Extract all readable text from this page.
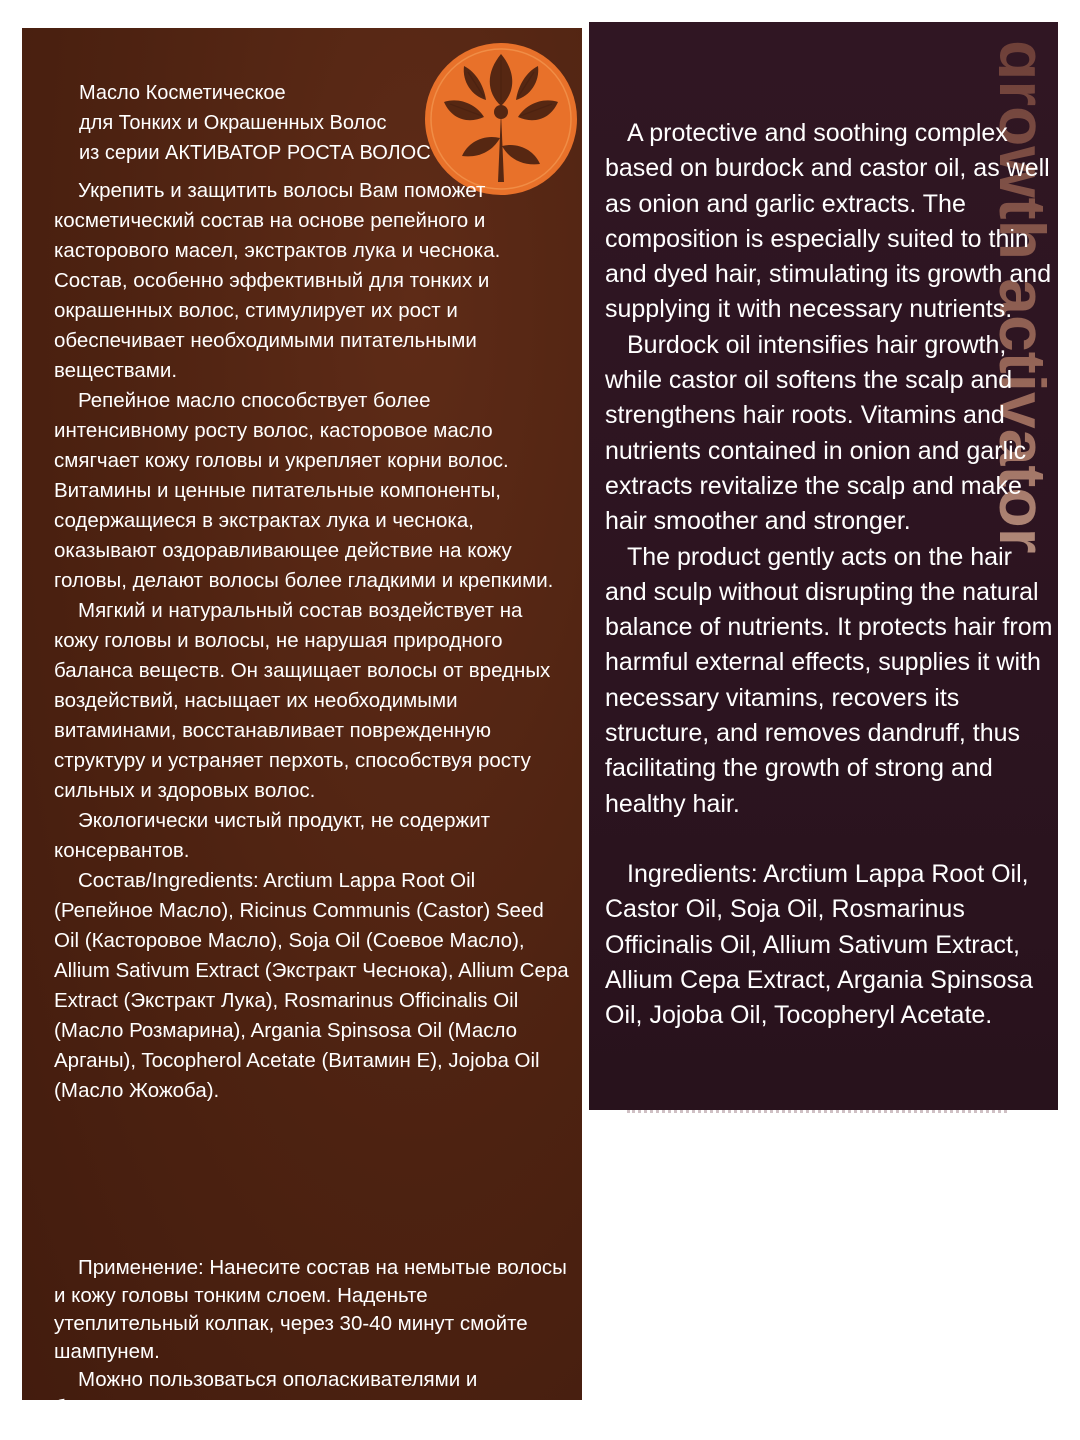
Масло Косметическое
для Тонких и Окрашенных Волос
из серии АКТИВАТОР РОСТА ВОЛОС

Укрепить и защитить волосы Вам поможет косметический состав на основе репейного и касторового масел, экстрактов лука и чеснока. Состав, особенно эффективный для тонких и окрашенных волос, стимулирует их рост и обеспечивает необходимыми питательными веществами.

Репейное масло способствует более интенсивному росту волос, касторовое масло смягчает кожу головы и укрепляет корни волос. Витамины и ценные питательные компоненты, содержащиеся в экстрактах лука и чеснока, оказывают оздоравливающее действие на кожу головы, делают волосы более гладкими и крепкими.

Мягкий и натуральный состав воздействует на кожу головы и волосы, не нарушая природного баланса веществ. Он защищает волосы от вредных воздействий, насыщает их необходимыми витаминами, восстанавливает поврежденную структуру и устраняет перхоть, способствуя росту сильных и здоровых волос.

Экологически чистый продукт, не содержит консервантов.

Состав/Ingredients: Arctium Lappa Root Oil (Репейное Масло), Ricinus Communis (Castor) Seed Oil (Касторовое Масло), Soja Oil (Соевое Масло), Allium Sativum Extract (Экстракт Чеснока), Allium Cepa Extract (Экстракт Лука), Rosmarinus Officinalis Oil (Масло Розмарина), Argania Spinsosa Oil (Масло Арганы), Tocopherol Acetate (Витамин Е), Jojoba Oil (Масло Жожоба).

Применение: Нанесите состав на немытые волосы и кожу головы тонким слоем. Наденьте утеплительный колпак, через 30-40 минут смойте шампунем.

Можно пользоваться ополаскивателями и бальзамами.

growth activator

A protective and soothing complex based on burdock and castor oil, as well as onion and garlic extracts. The composition is especially suited to thin and dyed hair, stimulating its growth and supplying it with necessary nutrients.

Burdock oil intensifies hair growth, while castor oil softens the scalp and strengthens hair roots. Vitamins and nutrients contained in onion and garlic extracts revitalize the scalp and make hair smoother and stronger.

The product gently acts on the hair and sculp without disrupting the natural balance of nutrients. It protects hair from harmful external effects, supplies it with necessary vitamins, recovers its structure, and removes dandruff, thus facilitating the growth of strong and healthy hair.

Ingredients: Arctium Lappa Root Oil, Castor Oil, Soja Oil, Rosmarinus Officinalis Oil, Allium Sativum Extract, Allium Cepa Extract, Argania Spinsosa Oil, Jojoba Oil, Tocopheryl Acetate.
